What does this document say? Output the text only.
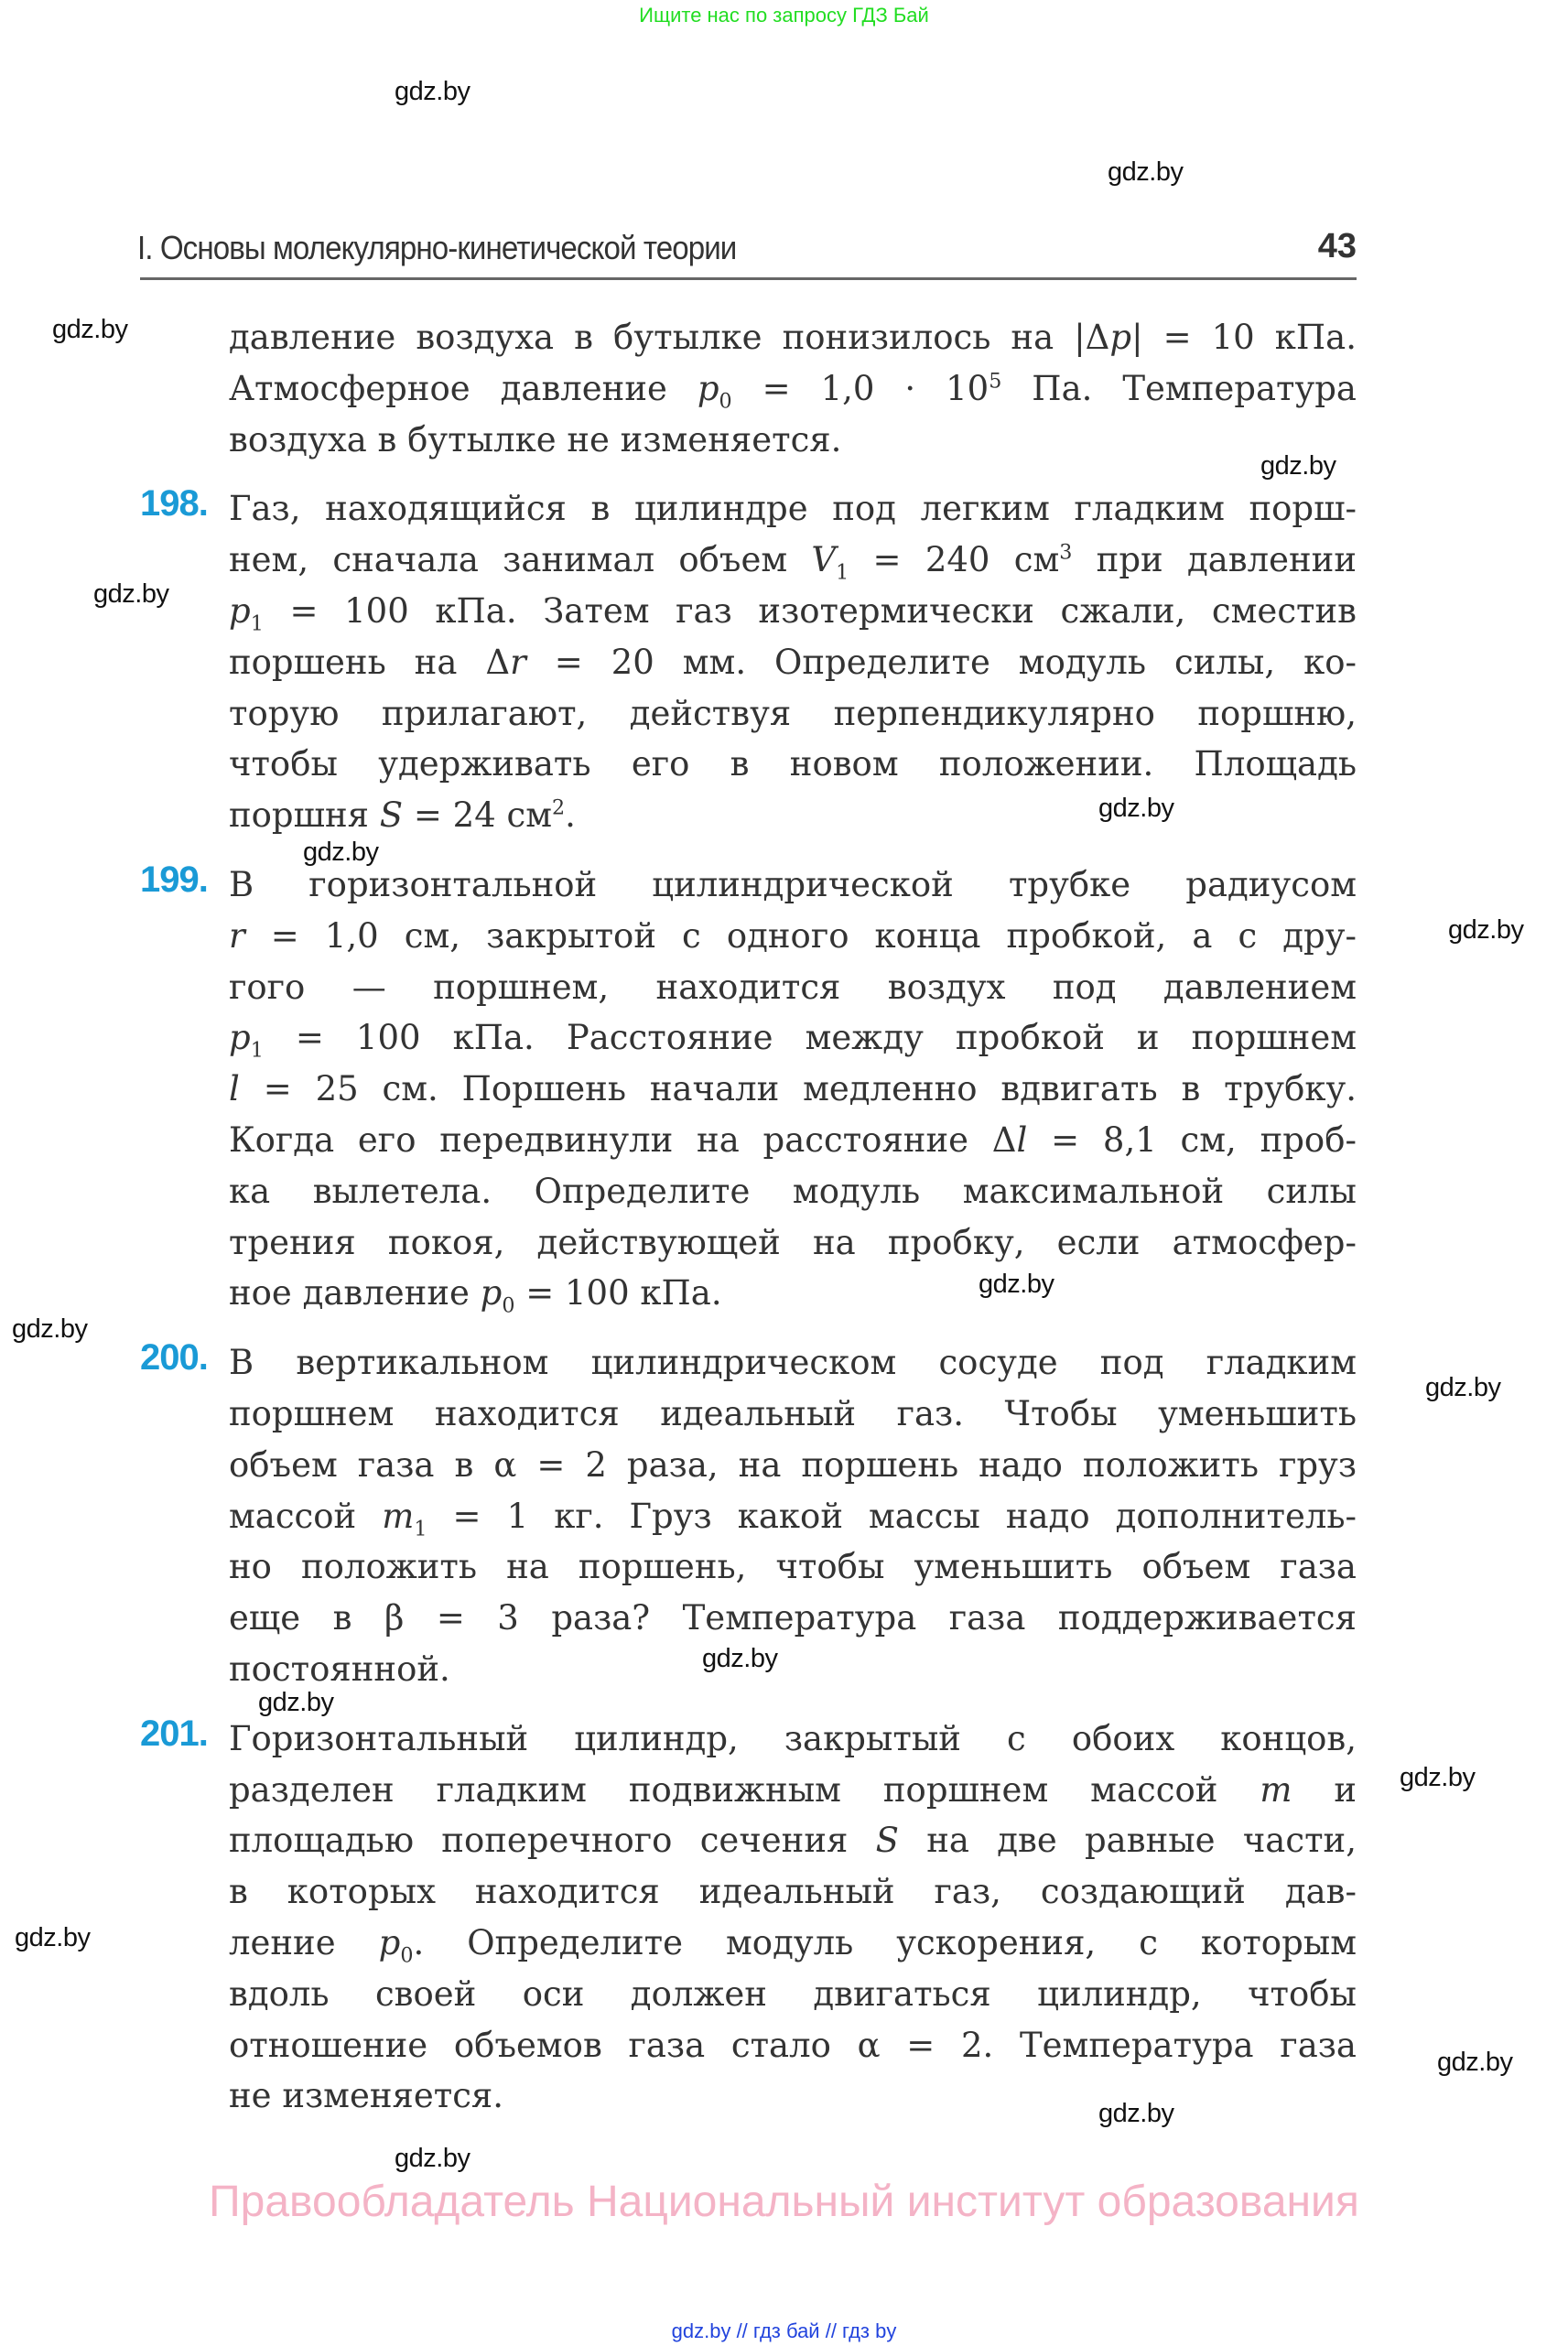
Ищите нас по запросу ГДЗ Бай
gdz.by
gdz.by
gdz.by
gdz.by
gdz.by
gdz.by
gdz.by
gdz.by
gdz.by
gdz.by
gdz.by
gdz.by
gdz.by
gdz.by
gdz.by
gdz.by
gdz.by
gdz.by
I. Основы молекулярно-кинетической теории	43
давление воздуха в бутылке понизилось на |Δp| = 10 кПа.
Атмосферное давление $p_0 = 1,0 \cdot 10^5$ Па. Температура
воздуха в бутылке не изменяется.
198. Газ, находящийся в цилиндре под легким гладким порш-
нем, сначала занимал объем $V_1 = 240$ $см^3$ при давлении
$p_1 = 100$ кПа. Затем газ изотермически сжали, сместив
поршень на Δr = 20 мм. Определите модуль силы, ко-
торую прилагают, действуя перпендикулярно поршню,
чтобы удерживать его в новом положении. Площадь
поршня S = 24 $см^2$.
199. В горизонтальной цилиндрической трубке радиусом
r = 1,0 см, закрытой с одного конца пробкой, а с дру-
гого — поршнем, находится воздух под давлением
$p_1 = 100$ кПа. Расстояние между пробкой и поршнем
l = 25 см. Поршень начали медленно вдвигать в трубку.
Когда его передвинули на расстояние Δl = 8,1 см, проб-
ка вылетела. Определите модуль максимальной силы
трения покоя, действующей на пробку, если атмосфер-
ное давление $p_0 = 100$ кПа.
200. В вертикальном цилиндрическом сосуде под гладким
поршнем находится идеальный газ. Чтобы уменьшить
объем газа в α = 2 раза, на поршень надо положить груз
массой $m_1 = 1$ кг. Груз какой массы надо дополнитель-
но положить на поршень, чтобы уменьшить объем газа
еще в β = 3 раза? Температура газа поддерживается
постоянной.
201. Горизонтальный цилиндр, закрытый с обоих концов,
разделен гладким подвижным поршнем массой m и
площадью поперечного сечения S на две равные части,
в которых находится идеальный газ, создающий дав-
ление $p_0$. Определите модуль ускорения, с которым
вдоль своей оси должен двигаться цилиндр, чтобы
отношение объемов газа стало α = 2. Температура газа
не изменяется.
Правообладатель Национальный институт образования
gdz.by // гдз бай // гдз by
